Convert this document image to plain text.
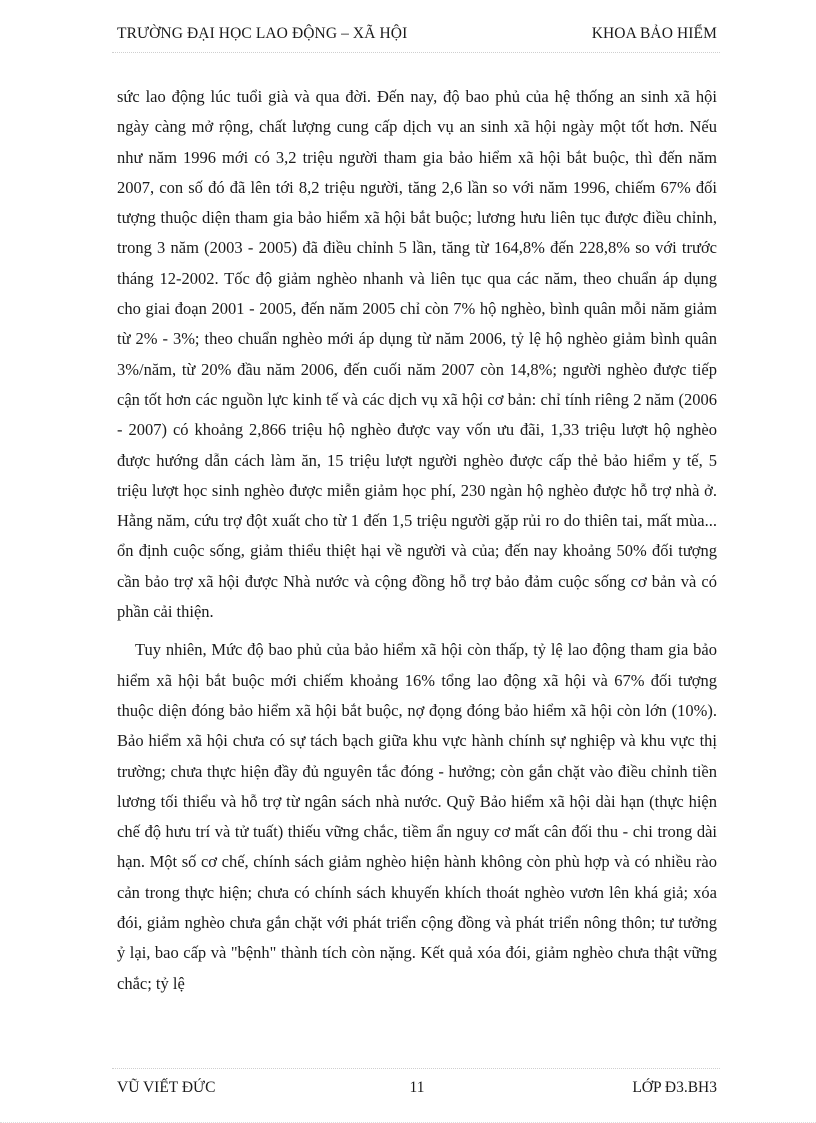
TRƯỜNG ĐẠI HỌC LAO ĐỘNG – XÃ HỘI	KHOA BẢO HIỂM

sức lao động lúc tuổi già và qua đời. Đến nay, độ bao phủ của hệ thống an sinh xã hội ngày càng mở rộng, chất lượng cung cấp dịch vụ an sinh xã hội ngày một tốt hơn. Nếu như năm 1996 mới có 3,2 triệu người tham gia bảo hiểm xã hội bắt buộc, thì đến năm 2007, con số đó đã lên tới 8,2 triệu người, tăng 2,6 lần so với năm 1996, chiếm 67% đối tượng thuộc diện tham gia bảo hiểm xã hội bắt buộc; lương hưu liên tục được điều chỉnh, trong 3 năm (2003 - 2005) đã điều chỉnh 5 lần, tăng từ 164,8% đến 228,8% so với trước tháng 12-2002. Tốc độ giảm nghèo nhanh và liên tục qua các năm, theo chuẩn áp dụng cho giai đoạn 2001 - 2005, đến năm 2005 chỉ còn 7% hộ nghèo, bình quân mỗi năm giảm từ 2% - 3%; theo chuẩn nghèo mới áp dụng từ năm 2006, tỷ lệ hộ nghèo giảm bình quân 3%/năm, từ 20% đầu năm 2006, đến cuối năm 2007 còn 14,8%; người nghèo được tiếp cận tốt hơn các nguồn lực kinh tế và các dịch vụ xã hội cơ bản: chỉ tính riêng 2 năm (2006 - 2007) có khoảng 2,866 triệu hộ nghèo được vay vốn ưu đãi, 1,33 triệu lượt hộ nghèo được hướng dẫn cách làm ăn, 15 triệu lượt người nghèo được cấp thẻ bảo hiểm y tế, 5 triệu lượt học sinh nghèo được miễn giảm học phí, 230 ngàn hộ nghèo được hỗ trợ nhà ở. Hằng năm, cứu trợ đột xuất cho từ 1 đến 1,5 triệu người gặp rủi ro do thiên tai, mất mùa... ổn định cuộc sống, giảm thiểu thiệt hại về người và của; đến nay khoảng 50% đối tượng cần bảo trợ xã hội được Nhà nước và cộng đồng hỗ trợ bảo đảm cuộc sống cơ bản và có phần cải thiện.

Tuy nhiên, Mức độ bao phủ của bảo hiểm xã hội còn thấp, tỷ lệ lao động tham gia bảo hiểm xã hội bắt buộc mới chiếm khoảng 16% tổng lao động xã hội và 67% đối tượng thuộc diện đóng bảo hiểm xã hội bắt buộc, nợ đọng đóng bảo hiểm xã hội còn lớn (10%). Bảo hiểm xã hội chưa có sự tách bạch giữa khu vực hành chính sự nghiệp và khu vực thị trường; chưa thực hiện đầy đủ nguyên tắc đóng - hưởng; còn gắn chặt vào điều chỉnh tiền lương tối thiểu và hỗ trợ từ ngân sách nhà nước. Quỹ Bảo hiểm xã hội dài hạn (thực hiện chế độ hưu trí và tử tuất) thiếu vững chắc, tiềm ẩn nguy cơ mất cân đối thu - chi trong dài hạn. Một số cơ chế, chính sách giảm nghèo hiện hành không còn phù hợp và có nhiều rào cản trong thực hiện; chưa có chính sách khuyến khích thoát nghèo vươn lên khá giả; xóa đói, giảm nghèo chưa gắn chặt với phát triển cộng đồng và phát triển nông thôn; tư tưởng ỷ lại, bao cấp và "bệnh" thành tích còn nặng. Kết quả xóa đói, giảm nghèo chưa thật vững chắc; tỷ lệ

VŨ VIẾT ĐỨC	11	LỚP Đ3.BH3
